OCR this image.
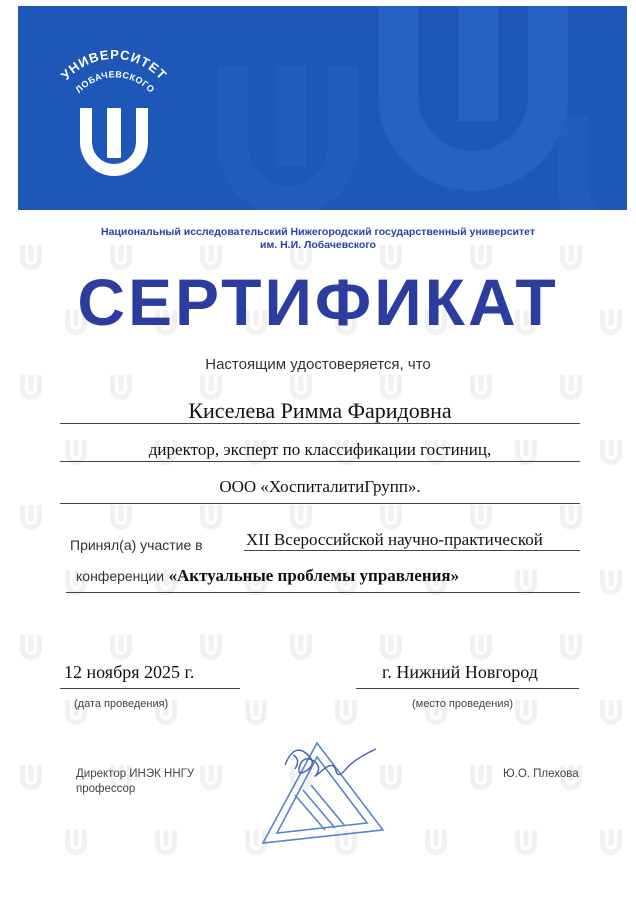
УНИВЕРСИТЕТ
ЛОБАЧЕВСКОГО
Национальный исследовательский Нижегородский государственный университет
им. Н.И. Лобачевского
СЕРТИФИКАТ
Настоящим удостоверяется, что
Киселева Римма Фаридовна
директор, эксперт по классификации гостиниц,
ООО «ХоспиталитиГрупп».
Принял(а) участие в	XII Всероссийской научно-практической
конференции «Актуальные проблемы управления»
12 ноября 2025 г.
(дата проведения)
г. Нижний Новгород
(место проведения)
Директор ИНЭК ННГУ
профессор
Ю.О. Плехова
